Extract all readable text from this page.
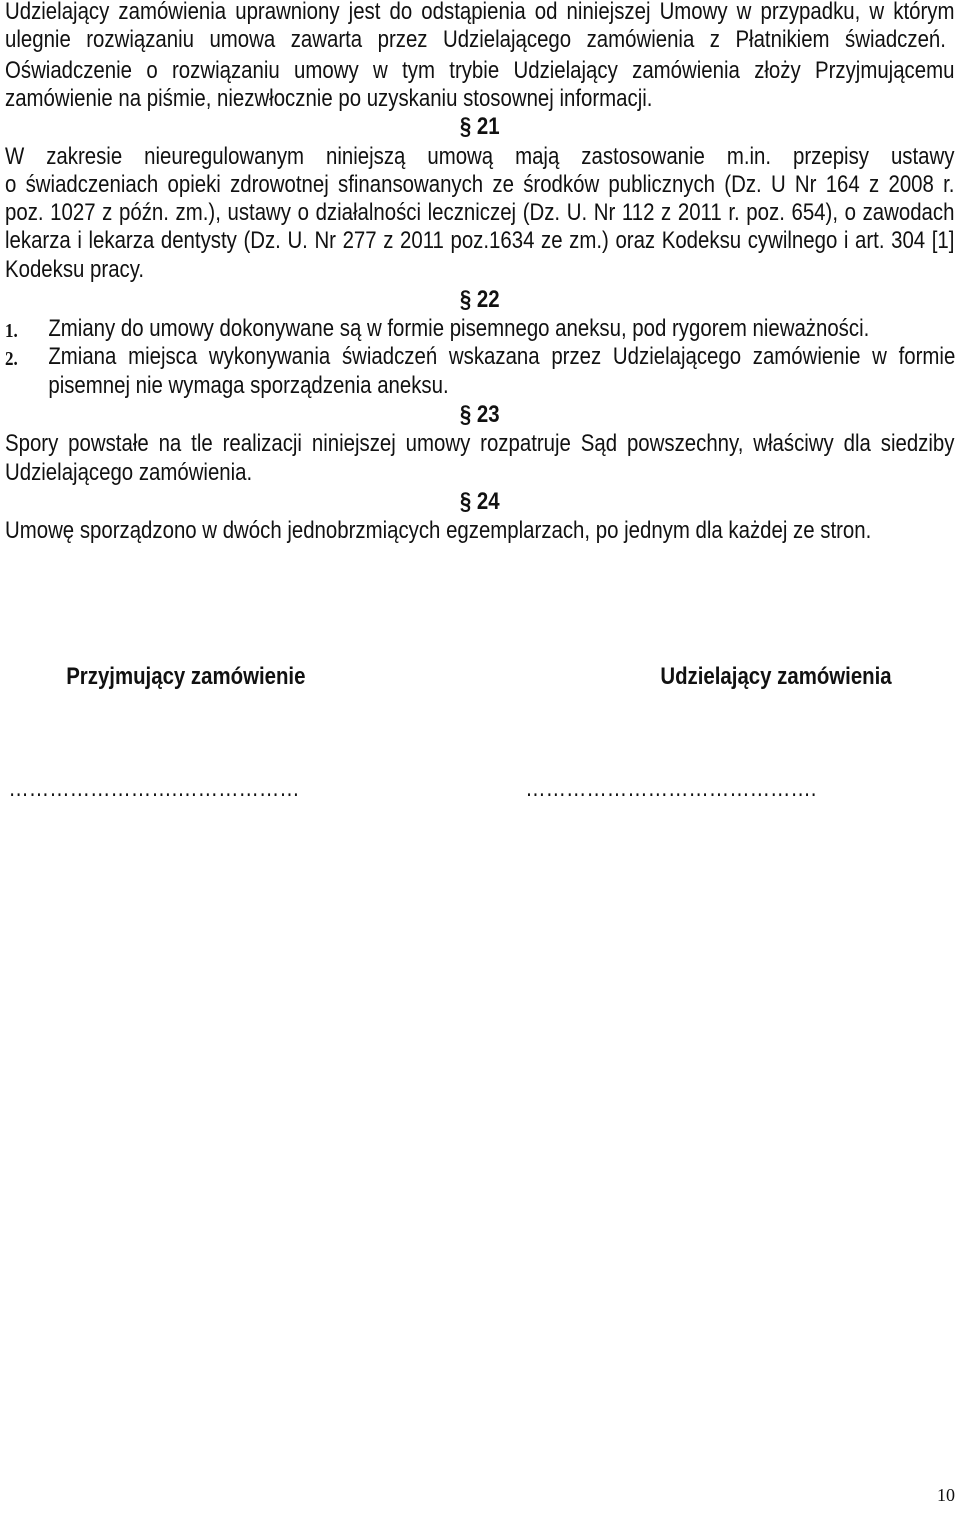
Udzielający zamówienia uprawniony jest do odstąpienia od niniejszej Umowy w przypadku, w którym
ulegnie rozwiązaniu umowa zawarta przez Udzielającego zamówienia z Płatnikiem świadczeń.
Oświadczenie o rozwiązaniu umowy w tym trybie Udzielający zamówienia złoży Przyjmującemu
zamówienie na piśmie, niezwłocznie po uzyskaniu stosownej informacji.
§ 21
W zakresie nieuregulowanym niniejszą umową mają zastosowanie m.in. przepisy ustawy
o świadczeniach opieki zdrowotnej sfinansowanych ze środków publicznych (Dz. U Nr 164 z 2008 r.
poz. 1027 z późn. zm.), ustawy o działalności leczniczej (Dz. U. Nr 112 z 2011 r. poz. 654), o zawodach
lekarza i lekarza dentysty (Dz. U. Nr 277 z 2011 poz.1634 ze zm.) oraz Kodeksu cywilnego i art. 304 [1]
Kodeksu pracy.
§ 22
1. Zmiany do umowy dokonywane są w formie pisemnego aneksu, pod rygorem nieważności.
2. Zmiana miejsca wykonywania świadczeń wskazana przez Udzielającego zamówienie w formie
pisemnej nie wymaga sporządzenia aneksu.
§ 23
Spory powstałe na tle realizacji niniejszej umowy rozpatruje Sąd powszechny, właściwy dla siedziby
Udzielającego zamówienia.
§ 24
Umowę sporządzono w dwóch jednobrzmiących egzemplarzach, po jednym dla każdej ze stron.
Przyjmujący zamówienie	Udzielający zamówienia
…………………….………………	…………………………………….
10
